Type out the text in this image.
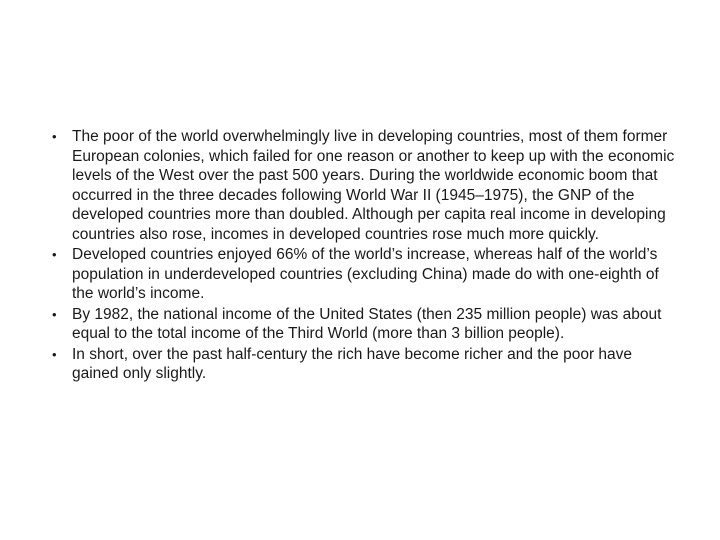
• The poor of the world overwhelmingly live in developing countries, most of them former European colonies, which failed for one reason or another to keep up with the economic levels of the West over the past 500 years. During the worldwide economic boom that occurred in the three decades following World War II (1945–1975), the GNP of the developed countries more than doubled. Although per capita real income in developing countries also rose, incomes in developed countries rose much more quickly.
• Developed countries enjoyed 66% of the world’s increase, whereas half of the world’s population in underdeveloped countries (excluding China) made do with one-eighth of the world’s income.
• By 1982, the national income of the United States (then 235 million people) was about equal to the total income of the Third World (more than 3 billion people).
• In short, over the past half-century the rich have become richer and the poor have gained only slightly.
